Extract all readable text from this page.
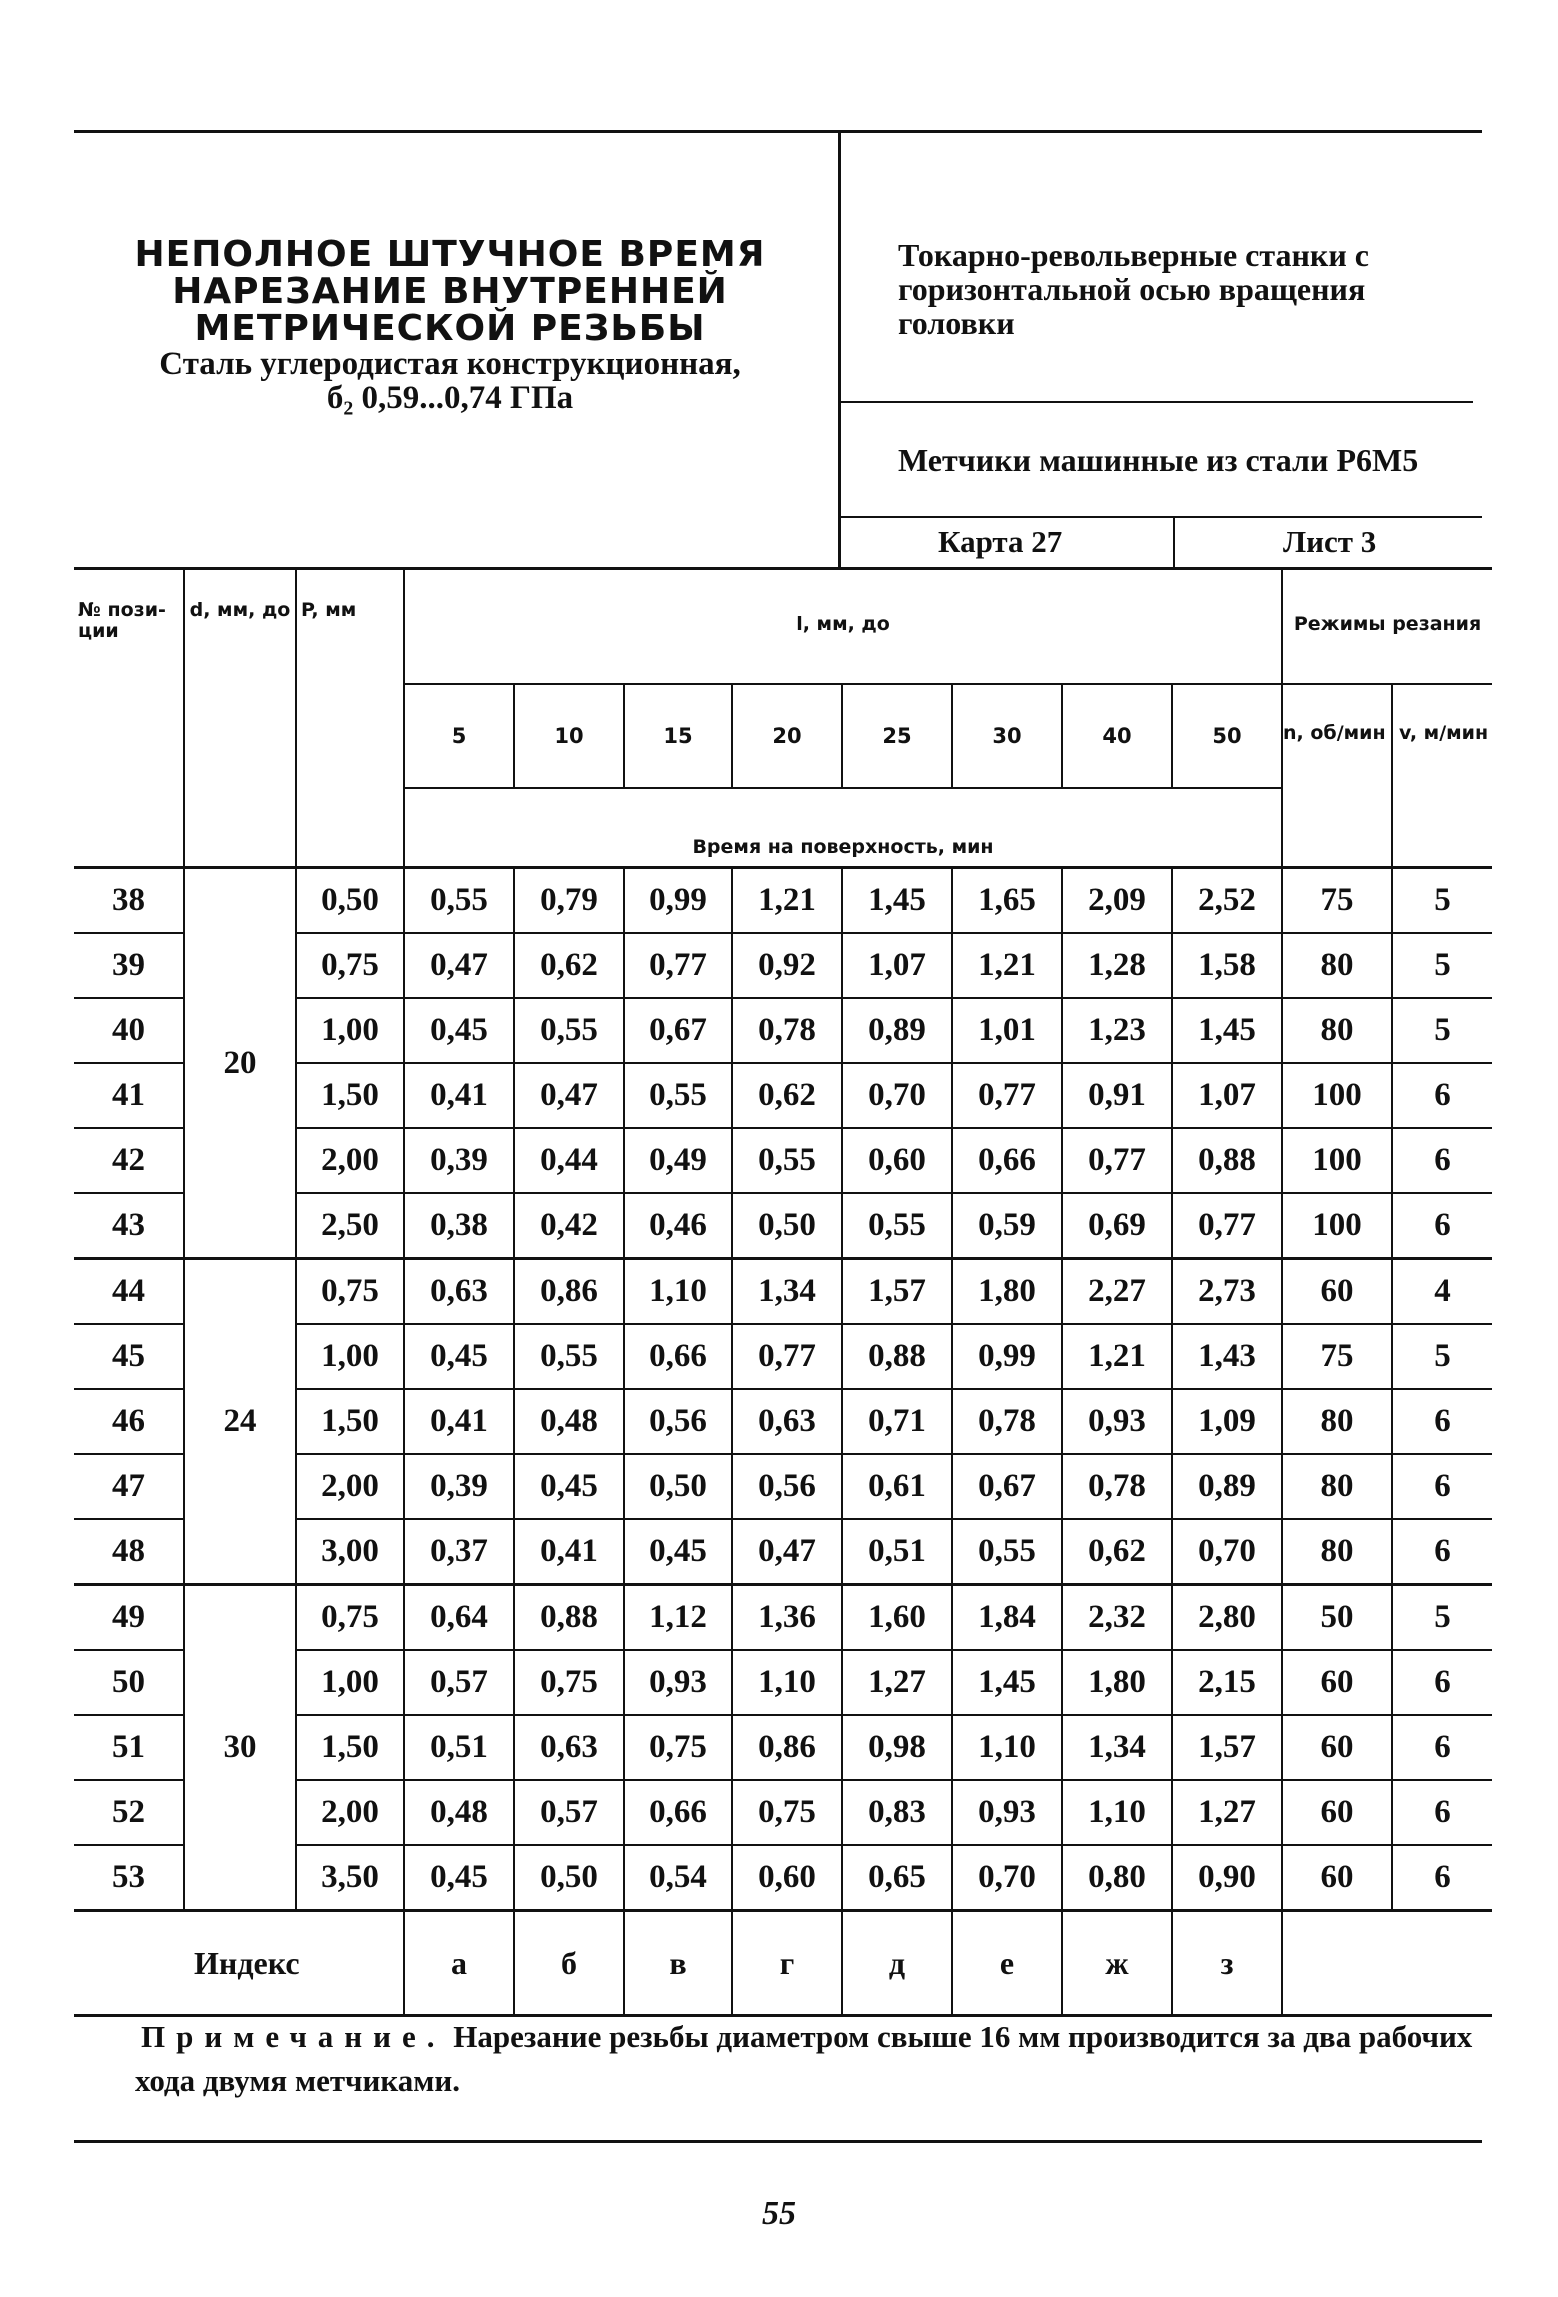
НЕПОЛНОЕ ШТУЧНОЕ ВРЕМЯ
НАРЕЗАНИЕ ВНУТРЕННЕЙ
МЕТРИЧЕСКОЙ РЕЗЬБЫ
Сталь углеродистая конструкционная,
б₂ 0,59...0,74 ГПа
Токарно-револьверные станки с горизонтальной осью вращения головки
Метчики машинные из стали Р6М5
Карта 27	Лист 3
№ пози-ции	d, мм, до	P, мм	l, мм, до								Режимы резания	
			5	10	15	20	25	30	40	50	n, об/мин	v, м/мин
			Время на поверхность, мин									
38	20	0,50	0,55	0,79	0,99	1,21	1,45	1,65	2,09	2,52	75	5
39		0,75	0,47	0,62	0,77	0,92	1,07	1,21	1,28	1,58	80	5
40		1,00	0,45	0,55	0,67	0,78	0,89	1,01	1,23	1,45	80	5
41		1,50	0,41	0,47	0,55	0,62	0,70	0,77	0,91	1,07	100	6
42		2,00	0,39	0,44	0,49	0,55	0,60	0,66	0,77	0,88	100	6
43		2,50	0,38	0,42	0,46	0,50	0,55	0,59	0,69	0,77	100	6
44	24	0,75	0,63	0,86	1,10	1,34	1,57	1,80	2,27	2,73	60	4
45		1,00	0,45	0,55	0,66	0,77	0,88	0,99	1,21	1,43	75	5
46		1,50	0,41	0,48	0,56	0,63	0,71	0,78	0,93	1,09	80	6
47		2,00	0,39	0,45	0,50	0,56	0,61	0,67	0,78	0,89	80	6
48		3,00	0,37	0,41	0,45	0,47	0,51	0,55	0,62	0,70	80	6
49	30	0,75	0,64	0,88	1,12	1,36	1,60	1,84	2,32	2,80	50	5
50		1,00	0,57	0,75	0,93	1,10	1,27	1,45	1,80	2,15	60	6
51		1,50	0,51	0,63	0,75	0,86	0,98	1,10	1,34	1,57	60	6
52		2,00	0,48	0,57	0,66	0,75	0,83	0,93	1,10	1,27	60	6
53		3,50	0,45	0,50	0,54	0,60	0,65	0,70	0,80	0,90	60	6
Индекс			а	б	в	г	д	е	ж	з		
Примечание. Нарезание резьбы диаметром свыше 16 мм производится за два рабочих хода двумя метчиками.
55
